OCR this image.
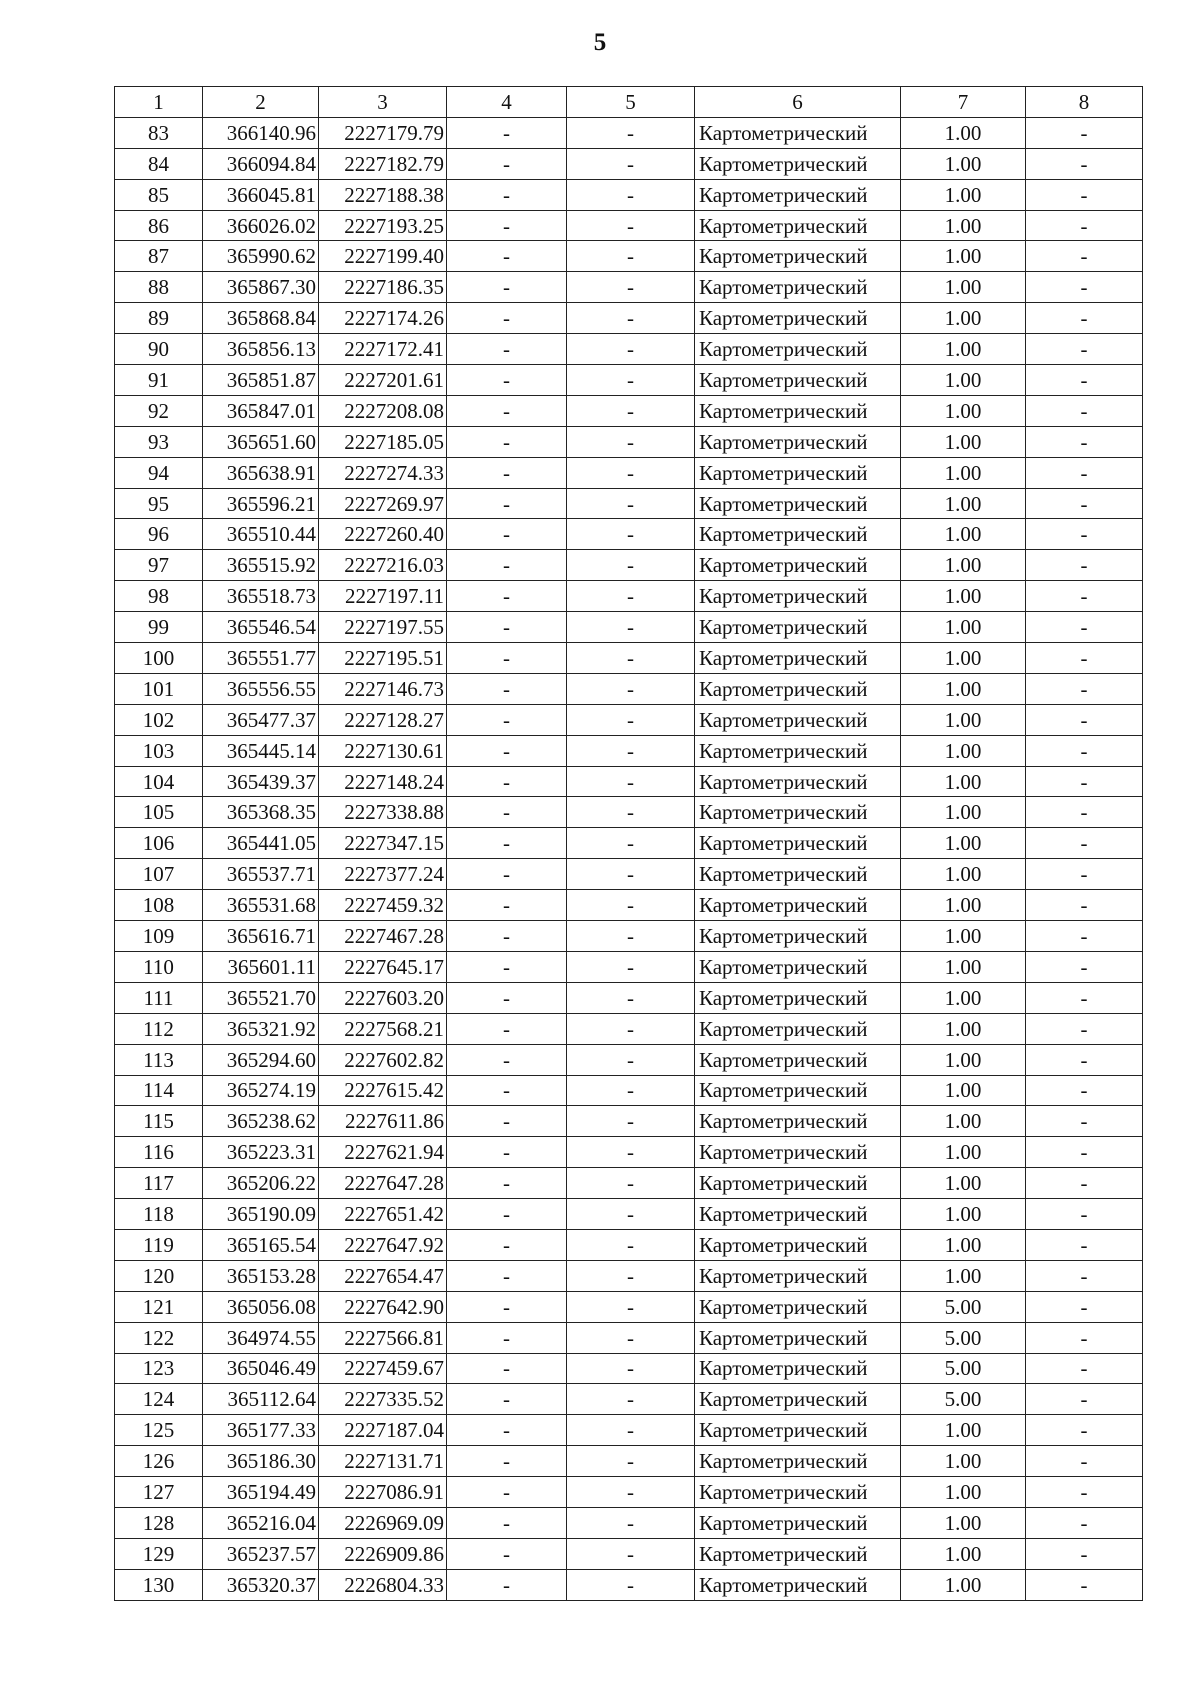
5
1	2	3	4	5	6	7	8
83	366140.96	2227179.79	-	-	Картометрический	1.00	-
84	366094.84	2227182.79	-	-	Картометрический	1.00	-
85	366045.81	2227188.38	-	-	Картометрический	1.00	-
86	366026.02	2227193.25	-	-	Картометрический	1.00	-
87	365990.62	2227199.40	-	-	Картометрический	1.00	-
88	365867.30	2227186.35	-	-	Картометрический	1.00	-
89	365868.84	2227174.26	-	-	Картометрический	1.00	-
90	365856.13	2227172.41	-	-	Картометрический	1.00	-
91	365851.87	2227201.61	-	-	Картометрический	1.00	-
92	365847.01	2227208.08	-	-	Картометрический	1.00	-
93	365651.60	2227185.05	-	-	Картометрический	1.00	-
94	365638.91	2227274.33	-	-	Картометрический	1.00	-
95	365596.21	2227269.97	-	-	Картометрический	1.00	-
96	365510.44	2227260.40	-	-	Картометрический	1.00	-
97	365515.92	2227216.03	-	-	Картометрический	1.00	-
98	365518.73	2227197.11	-	-	Картометрический	1.00	-
99	365546.54	2227197.55	-	-	Картометрический	1.00	-
100	365551.77	2227195.51	-	-	Картометрический	1.00	-
101	365556.55	2227146.73	-	-	Картометрический	1.00	-
102	365477.37	2227128.27	-	-	Картометрический	1.00	-
103	365445.14	2227130.61	-	-	Картометрический	1.00	-
104	365439.37	2227148.24	-	-	Картометрический	1.00	-
105	365368.35	2227338.88	-	-	Картометрический	1.00	-
106	365441.05	2227347.15	-	-	Картометрический	1.00	-
107	365537.71	2227377.24	-	-	Картометрический	1.00	-
108	365531.68	2227459.32	-	-	Картометрический	1.00	-
109	365616.71	2227467.28	-	-	Картометрический	1.00	-
110	365601.11	2227645.17	-	-	Картометрический	1.00	-
111	365521.70	2227603.20	-	-	Картометрический	1.00	-
112	365321.92	2227568.21	-	-	Картометрический	1.00	-
113	365294.60	2227602.82	-	-	Картометрический	1.00	-
114	365274.19	2227615.42	-	-	Картометрический	1.00	-
115	365238.62	2227611.86	-	-	Картометрический	1.00	-
116	365223.31	2227621.94	-	-	Картометрический	1.00	-
117	365206.22	2227647.28	-	-	Картометрический	1.00	-
118	365190.09	2227651.42	-	-	Картометрический	1.00	-
119	365165.54	2227647.92	-	-	Картометрический	1.00	-
120	365153.28	2227654.47	-	-	Картометрический	1.00	-
121	365056.08	2227642.90	-	-	Картометрический	5.00	-
122	364974.55	2227566.81	-	-	Картометрический	5.00	-
123	365046.49	2227459.67	-	-	Картометрический	5.00	-
124	365112.64	2227335.52	-	-	Картометрический	5.00	-
125	365177.33	2227187.04	-	-	Картометрический	1.00	-
126	365186.30	2227131.71	-	-	Картометрический	1.00	-
127	365194.49	2227086.91	-	-	Картометрический	1.00	-
128	365216.04	2226969.09	-	-	Картометрический	1.00	-
129	365237.57	2226909.86	-	-	Картометрический	1.00	-
130	365320.37	2226804.33	-	-	Картометрический	1.00	-
